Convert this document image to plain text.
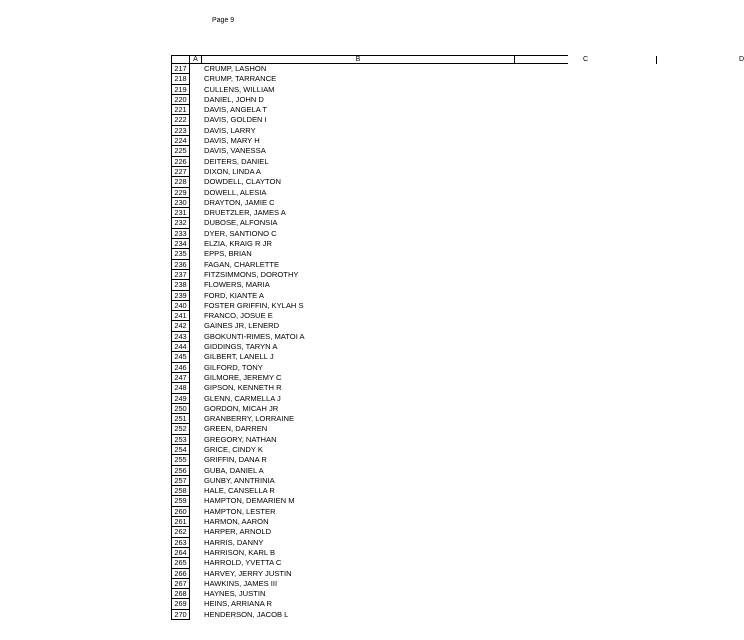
Page 9
A	B	C	D
217	CRUMP, LASHON
218	CRUMP, TARRANCE
219	CULLENS, WILLIAM
220	DANIEL, JOHN D
221	DAVIS, ANGELA T
222	DAVIS, GOLDEN I
223	DAVIS, LARRY
224	DAVIS, MARY H
225	DAVIS, VANESSA
226	DEITERS, DANIEL
227	DIXON, LINDA A
228	DOWDELL, CLAYTON
229	DOWELL, ALESIA
230	DRAYTON, JAMIE C
231	DRUETZLER, JAMES A
232	DUBOSE, ALFONSIA
233	DYER, SANTIONO C
234	ELZIA, KRAIG R JR
235	EPPS, BRIAN
236	FAGAN, CHARLETTE
237	FITZSIMMONS, DOROTHY
238	FLOWERS, MARIA
239	FORD, KIANTE A
240	FOSTER GRIFFIN, KYLAH S
241	FRANCO, JOSUE E
242	GAINES JR, LENERD
243	GBOKUNTI-RIMES, MATOI A
244	GIDDINGS, TARYN A
245	GILBERT, LANELL J
246	GILFORD, TONY
247	GILMORE, JEREMY C
248	GIPSON, KENNETH R
249	GLENN, CARMELLA J
250	GORDON, MICAH JR
251	GRANBERRY, LORRAINE
252	GREEN, DARREN
253	GREGORY, NATHAN
254	GRICE, CINDY K
255	GRIFFIN, DANA R
256	GUBA, DANIEL A
257	GUNBY, ANNTRINIA
258	HALE, CANSELLA R
259	HAMPTON, DEMARIEN M
260	HAMPTON, LESTER
261	HARMON, AARON
262	HARPER, ARNOLD
263	HARRIS, DANNY
264	HARRISON, KARL B
265	HARROLD, YVETTA C
266	HARVEY, JERRY JUSTIN
267	HAWKINS, JAMES III
268	HAYNES, JUSTIN
269	HEINS, ARRIANA R
270	HENDERSON, JACOB L
